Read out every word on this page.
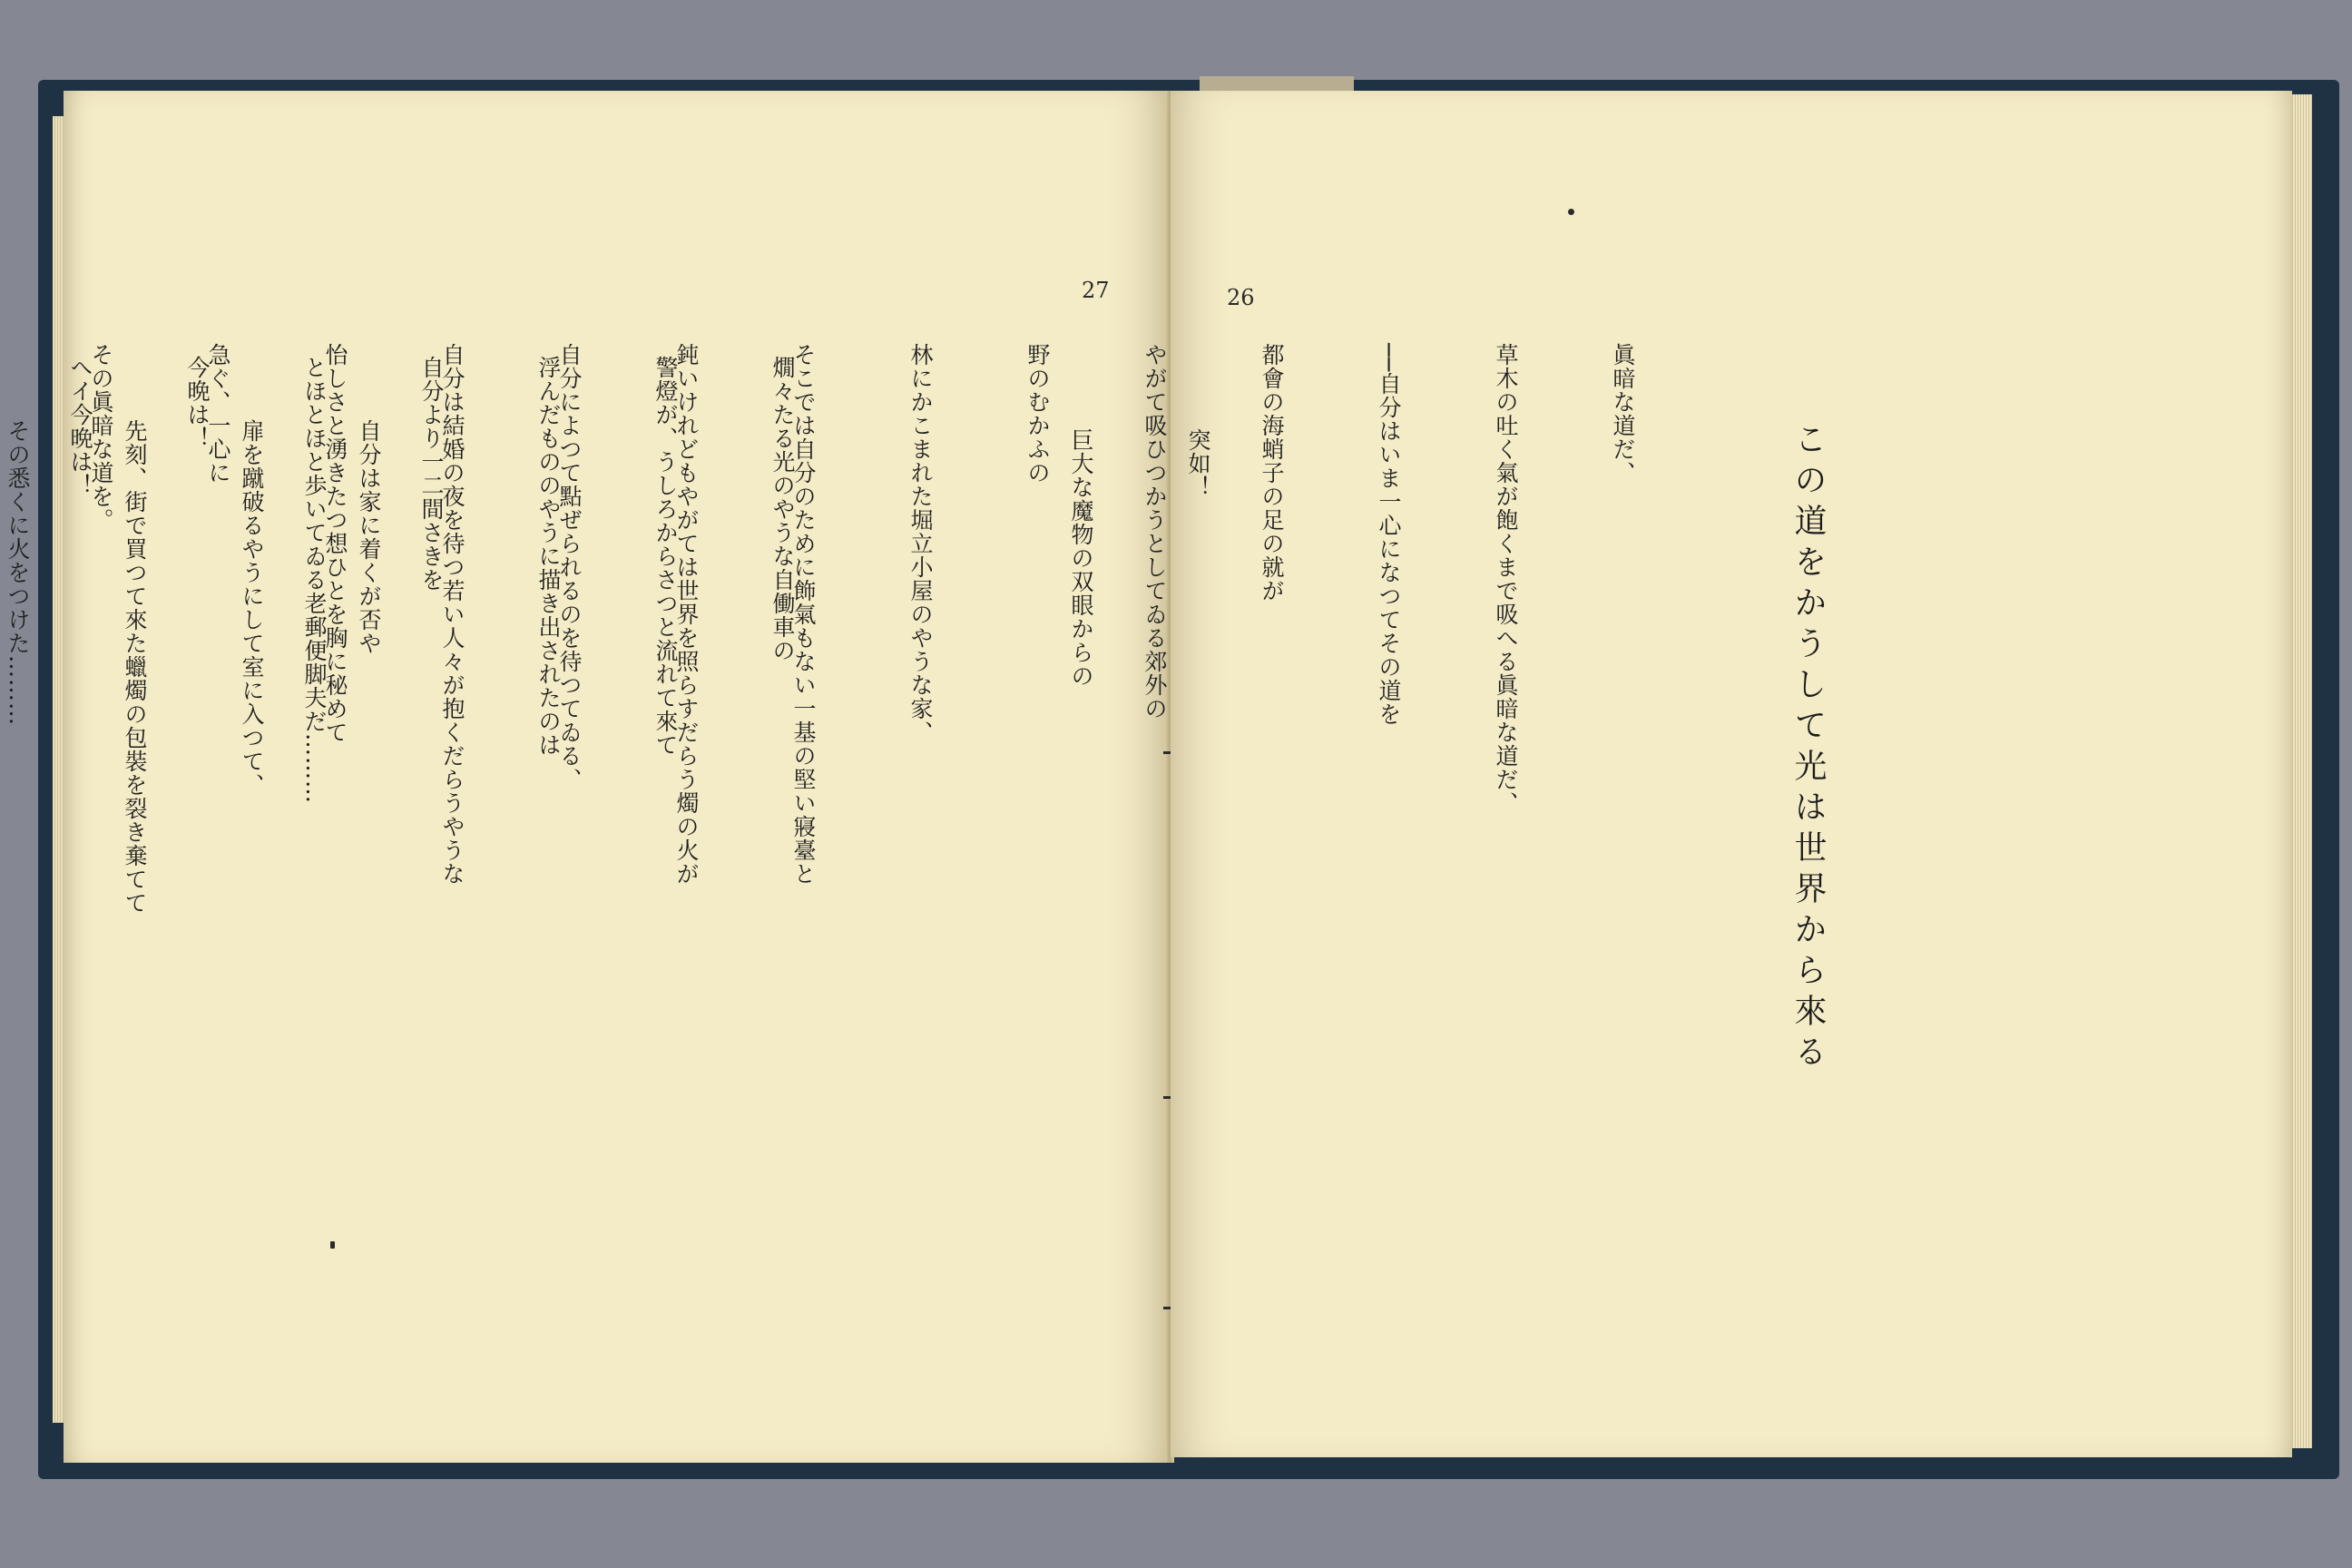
27

燗々たる光のやうな自働車の

警燈が、うしろからさつと流れて來て

浮んだもののやうに描き出されたのは

自分より一二間さきを

とほとほと歩いてゐる老郵便脚夫だ………

今晩は！

へイ今晩は！

	自分は家に着くが否や

扉を蹴破るやうにして室に入つて、

先刻、街で買つて來た蠟燭の包裝を裂き棄てて

その悉くに火をつけた………

26
この道をかうして光は世界から來る

眞暗な道だ、

草木の吐く氣が飽くまで吸へる眞暗な道だ、

──自分はいま一心になつてその道を

都會の海蛸子の足の就が

やがて吸ひつかうとしてゐる郊外の

野のむかふの

林にかこまれた堀立小屋のやうな家、

そこでは自分のために飾氣もない一基の堅い寢臺と

鈍いけれどもやがては世界を照らすだらう燭の火が

自分によつて點ぜられるのを待つてゐる、

自分は結婚の夜を待つ若い人々が抱くだらうやうな

怡しさと湧きたつ想ひとを胸に秘めて

急ぐ、一心に

その眞暗な道を。

	突如！

巨大な魔物の双眼からの
